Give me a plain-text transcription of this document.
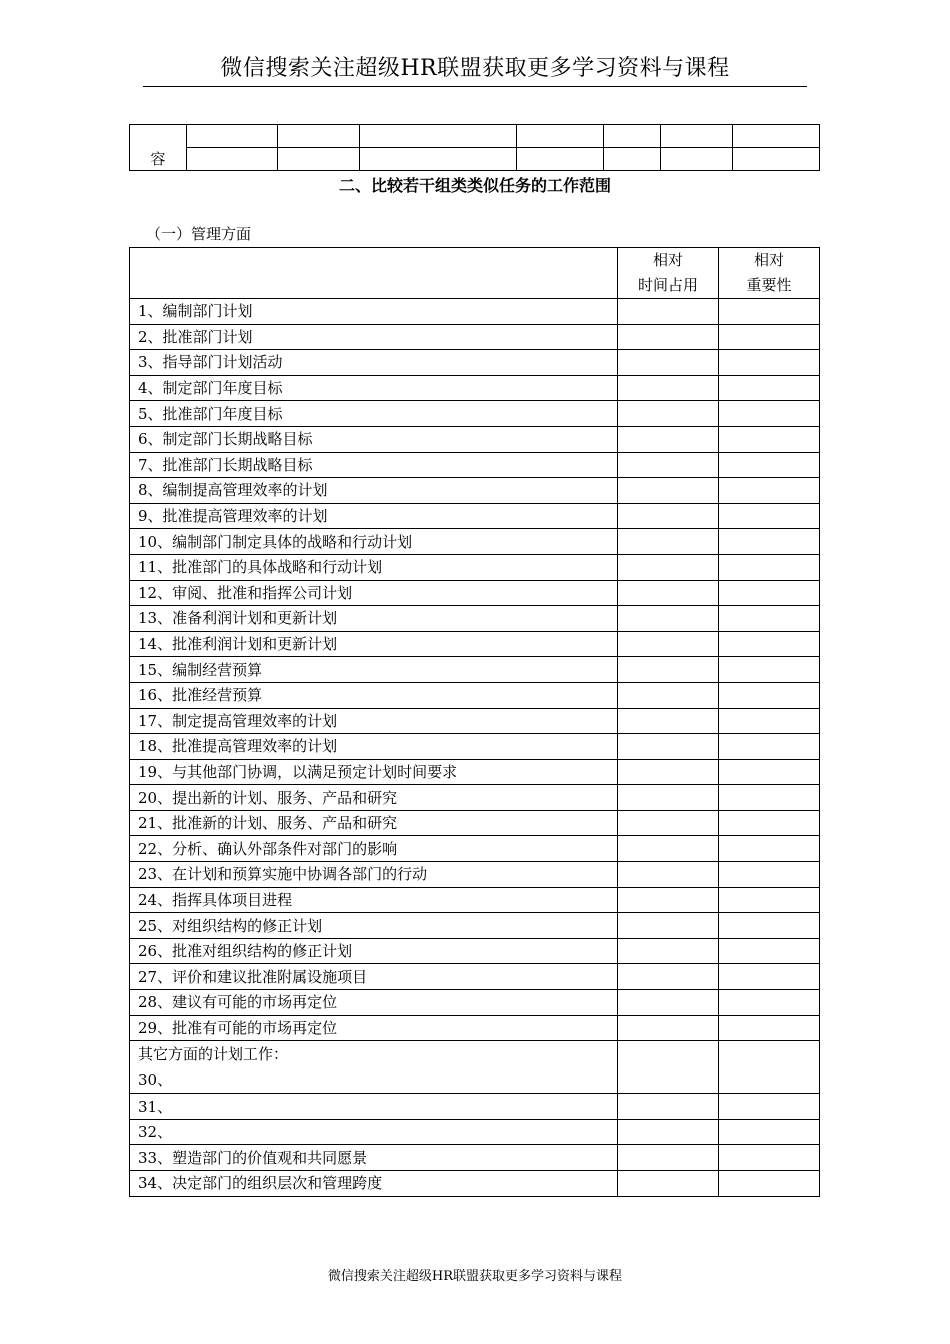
微信搜索关注超级HR联盟获取更多学习资料与课程
容							

二、比较若干组类类似任务的工作范围
（一）管理方面

	相对
时间占用	相对
重要性

1、编制部门计划		
2、批准部门计划		
3、指导部门计划活动		
4、制定部门年度目标		
5、批准部门年度目标		
6、制定部门长期战略目标		
7、批准部门长期战略目标		
8、编制提高管理效率的计划		
9、批准提高管理效率的计划		
10、编制部门制定具体的战略和行动计划		
11、批准部门的具体战略和行动计划		
12、审阅、批准和指挥公司计划		
13、准备利润计划和更新计划		
14、批准利润计划和更新计划		
15、编制经营预算		
16、批准经营预算		
17、制定提高管理效率的计划		
18、批准提高管理效率的计划		
19、与其他部门协调，以满足预定计划时间要求		
20、提出新的计划、服务、产品和研究		
21、批准新的计划、服务、产品和研究		
22、分析、确认外部条件对部门的影响		
23、在计划和预算实施中协调各部门的行动		
24、指挥具体项目进程		
25、对组织结构的修正计划		
26、批准对组织结构的修正计划		
27、评价和建议批准附属设施项目		
28、建议有可能的市场再定位		
29、批准有可能的市场再定位		

其它方面的计划工作：
30、		

31、		
32、		
33、塑造部门的价值观和共同愿景		
34、决定部门的组织层次和管理跨度		
微信搜索关注超级HR联盟获取更多学习资料与课程
